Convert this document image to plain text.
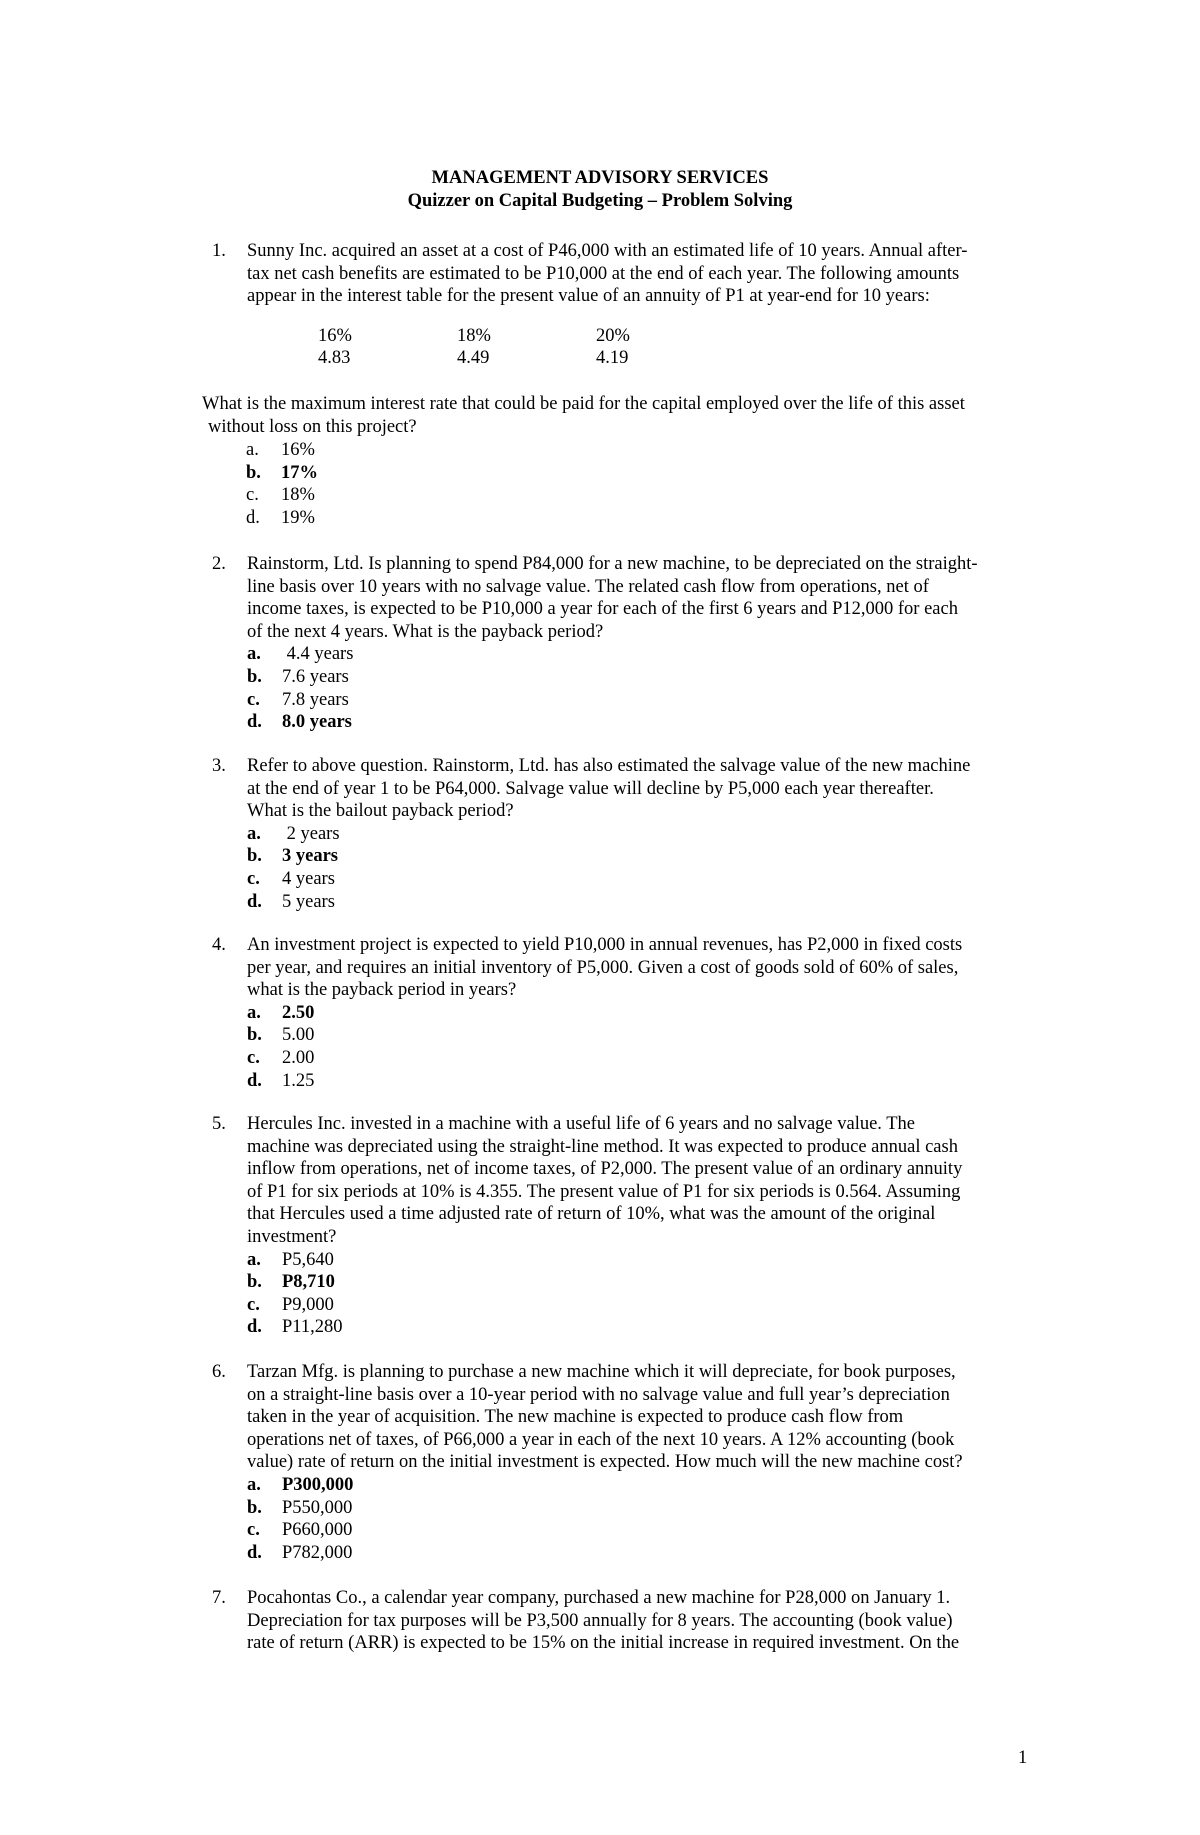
MANAGEMENT ADVISORY SERVICES
Quizzer on Capital Budgeting – Problem Solving
1. Sunny Inc. acquired an asset at a cost of P46,000 with an estimated life of 10 years. Annual after-
tax net cash benefits are estimated to be P10,000 at the end of each year. The following amounts
appear in the interest table for the present value of an annuity of P1 at year-end for 10 years:
16%	18%	20%
4.83	4.49	4.19
What is the maximum interest rate that could be paid for the capital employed over the life of this asset
without loss on this project?
a. 16%
b. 17%
c. 18%
d. 19%
2. Rainstorm, Ltd. Is planning to spend P84,000 for a new machine, to be depreciated on the straight-
line basis over 10 years with no salvage value. The related cash flow from operations, net of
income taxes, is expected to be P10,000 a year for each of the first 6 years and P12,000 for each
of the next 4 years. What is the payback period?
a. 4.4 years
b. 7.6 years
c. 7.8 years
d. 8.0 years
3. Refer to above question. Rainstorm, Ltd. has also estimated the salvage value of the new machine
at the end of year 1 to be P64,000. Salvage value will decline by P5,000 each year thereafter.
What is the bailout payback period?
a. 2 years
b. 3 years
c. 4 years
d. 5 years
4. An investment project is expected to yield P10,000 in annual revenues, has P2,000 in fixed costs
per year, and requires an initial inventory of P5,000. Given a cost of goods sold of 60% of sales,
what is the payback period in years?
a. 2.50
b. 5.00
c. 2.00
d. 1.25
5. Hercules Inc. invested in a machine with a useful life of 6 years and no salvage value. The
machine was depreciated using the straight-line method. It was expected to produce annual cash
inflow from operations, net of income taxes, of P2,000. The present value of an ordinary annuity
of P1 for six periods at 10% is 4.355. The present value of P1 for six periods is 0.564. Assuming
that Hercules used a time adjusted rate of return of 10%, what was the amount of the original
investment?
a. P5,640
b. P8,710
c. P9,000
d. P11,280
6. Tarzan Mfg. is planning to purchase a new machine which it will depreciate, for book purposes,
on a straight-line basis over a 10-year period with no salvage value and full year’s depreciation
taken in the year of acquisition. The new machine is expected to produce cash flow from
operations net of taxes, of P66,000 a year in each of the next 10 years. A 12% accounting (book
value) rate of return on the initial investment is expected. How much will the new machine cost?
a. P300,000
b. P550,000
c. P660,000
d. P782,000
7. Pocahontas Co., a calendar year company, purchased a new machine for P28,000 on January 1.
Depreciation for tax purposes will be P3,500 annually for 8 years. The accounting (book value)
rate of return (ARR) is expected to be 15% on the initial increase in required investment. On the
1
